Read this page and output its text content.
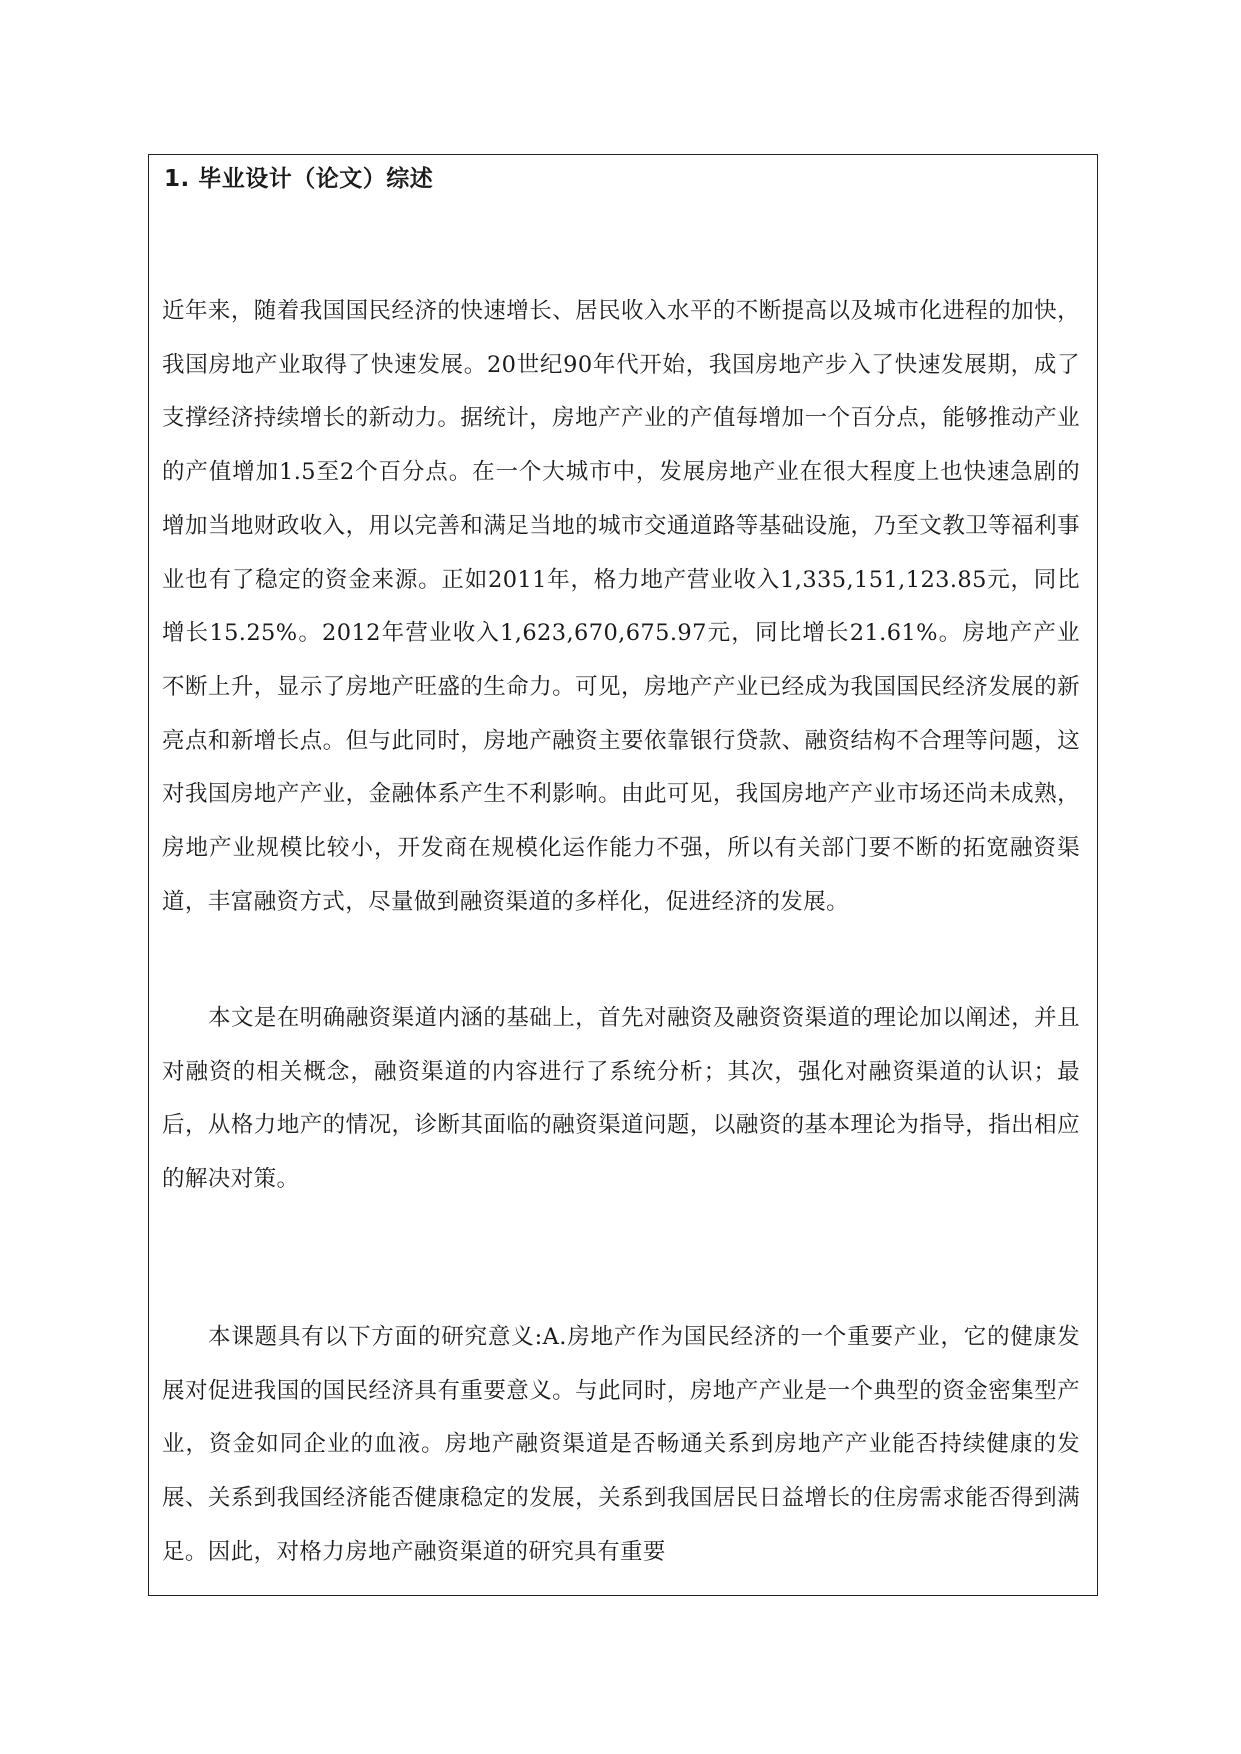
1. 毕业设计（论文）综述

近年来，随着我国国民经济的快速增长、居民收入水平的不断提高以及城市化进程的加快，我国房地产业取得了快速发展。20世纪90年代开始，我国房地产步入了快速发展期，成了支撑经济持续增长的新动力。据统计，房地产产业的产值每增加一个百分点，能够推动产业的产值增加1.5至2个百分点。在一个大城市中，发展房地产业在很大程度上也快速急剧的增加当地财政收入，用以完善和满足当地的城市交通道路等基础设施，乃至文教卫等福利事业也有了稳定的资金来源。正如2011年，格力地产营业收入1,335,151,123.85元，同比增长15.25%。2012年营业收入1,623,670,675.97元，同比增长21.61%。房地产产业不断上升，显示了房地产旺盛的生命力。可见，房地产产业已经成为我国国民经济发展的新亮点和新增长点。但与此同时，房地产融资主要依靠银行贷款、融资结构不合理等问题，这对我国房地产产业，金融体系产生不利影响。由此可见，我国房地产产业市场还尚未成熟，房地产业规模比较小，开发商在规模化运作能力不强，所以有关部门要不断的拓宽融资渠道，丰富融资方式，尽量做到融资渠道的多样化，促进经济的发展。

本文是在明确融资渠道内涵的基础上，首先对融资及融资资渠道的理论加以阐述，并且对融资的相关概念，融资渠道的内容进行了系统分析；其次，强化对融资渠道的认识；最后，从格力地产的情况，诊断其面临的融资渠道问题，以融资的基本理论为指导，指出相应的解决对策。

本课题具有以下方面的研究意义:A.房地产作为国民经济的一个重要产业，它的健康发展对促进我国的国民经济具有重要意义。与此同时，房地产产业是一个典型的资金密集型产业，资金如同企业的血液。房地产融资渠道是否畅通关系到房地产产业能否持续健康的发展、关系到我国经济能否健康稳定的发展，关系到我国居民日益增长的住房需求能否得到满足。因此，对格力房地产融资渠道的研究具有重要
